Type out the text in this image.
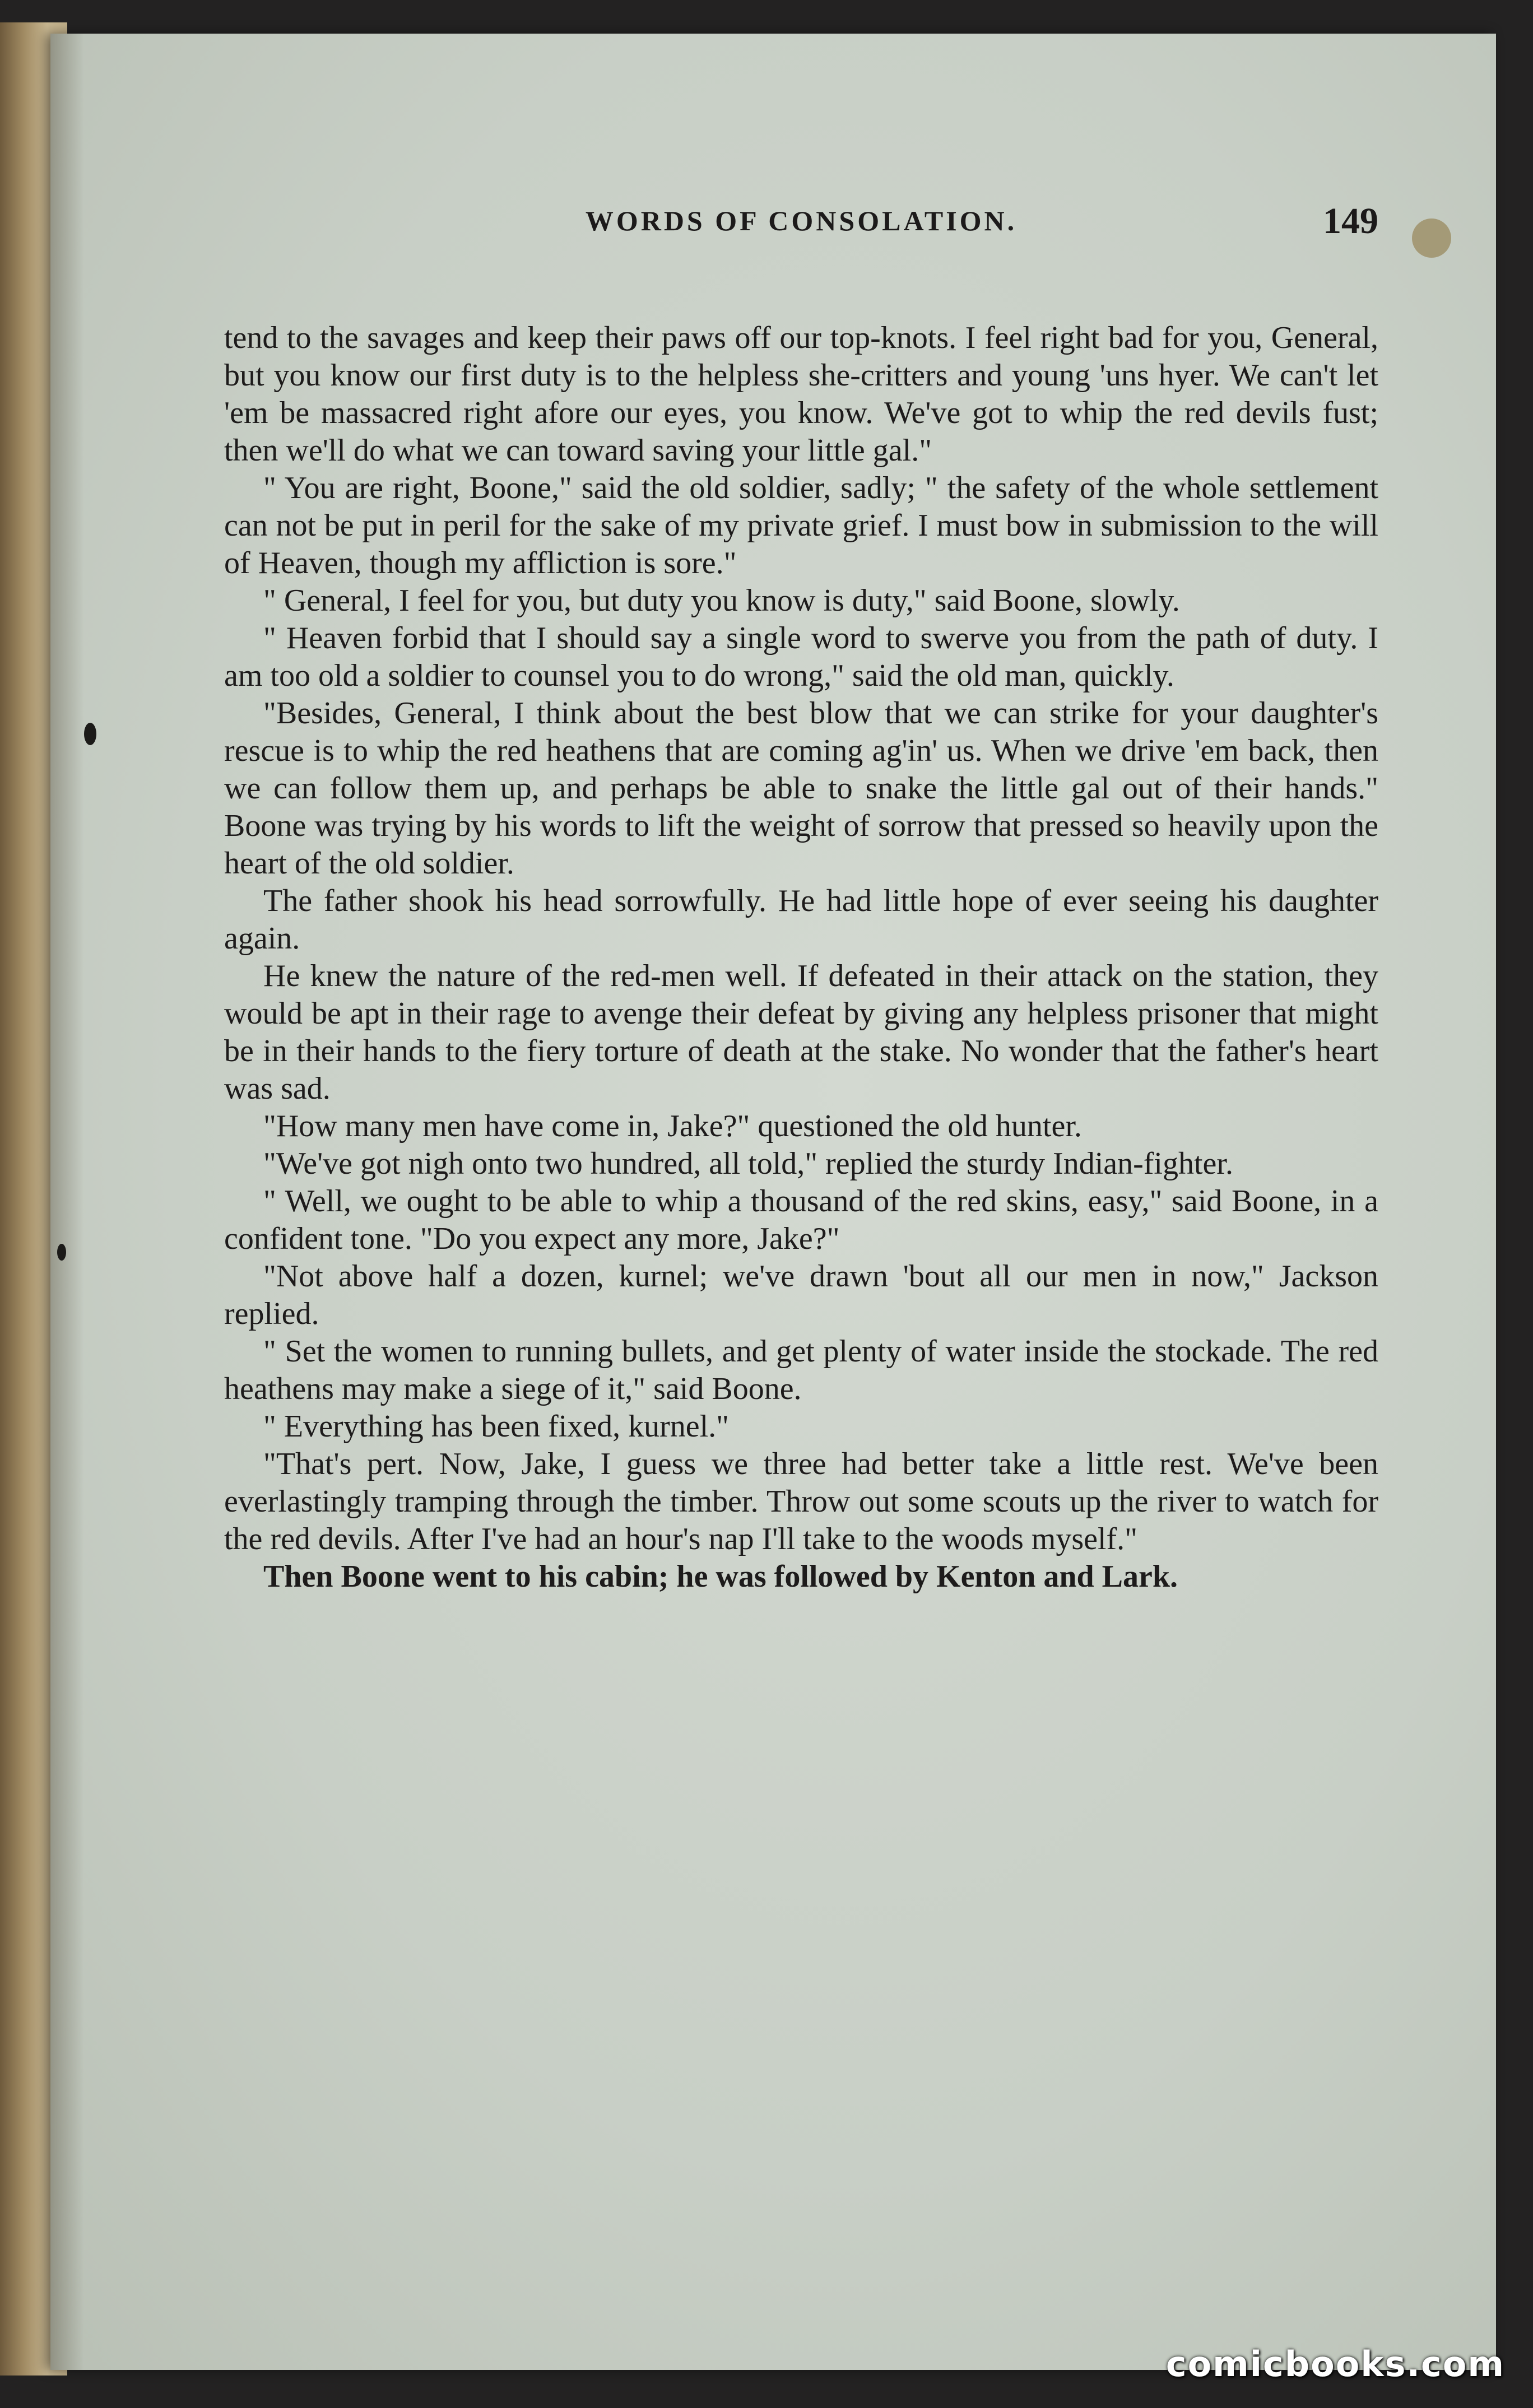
WORDS OF CONSOLATION.	149

tend to the savages and keep their paws off our top-knots. I feel right bad for you, General, but you know our first duty is to the helpless she-critters and young 'uns hyer. We can't let 'em be massacred right afore our eyes, you know. We've got to whip the red devils fust; then we'll do what we can toward saving your little gal."

" You are right, Boone," said the old soldier, sadly; " the safety of the whole settlement can not be put in peril for the sake of my private grief. I must bow in submission to the will of Heaven, though my affliction is sore."

" General, I feel for you, but duty you know is duty," said Boone, slowly.

" Heaven forbid that I should say a single word to swerve you from the path of duty. I am too old a soldier to counsel you to do wrong," said the old man, quickly.

"Besides, General, I think about the best blow that we can strike for your daughter's rescue is to whip the red heathens that are coming ag'in' us. When we drive 'em back, then we can follow them up, and perhaps be able to snake the little gal out of their hands." Boone was trying by his words to lift the weight of sorrow that pressed so heavily upon the heart of the old soldier.

The father shook his head sorrowfully. He had little hope of ever seeing his daughter again.

He knew the nature of the red-men well. If defeated in their attack on the station, they would be apt in their rage to avenge their defeat by giving any helpless prisoner that might be in their hands to the fiery torture of death at the stake. No wonder that the father's heart was sad.

"How many men have come in, Jake?" questioned the old hunter.

"We've got nigh onto two hundred, all told," replied the sturdy Indian-fighter.

" Well, we ought to be able to whip a thousand of the red skins, easy," said Boone, in a confident tone. "Do you expect any more, Jake?"

"Not above half a dozen, kurnel; we've drawn 'bout all our men in now," Jackson replied.

" Set the women to running bullets, and get plenty of water inside the stockade. The red heathens may make a siege of it," said Boone.

" Everything has been fixed, kurnel."

"That's pert. Now, Jake, I guess we three had better take a little rest. We've been everlastingly tramping through the timber. Throw out some scouts up the river to watch for the red devils. After I've had an hour's nap I'll take to the woods myself."

Then Boone went to his cabin; he was followed by Kenton and Lark.

comicbooks.com
